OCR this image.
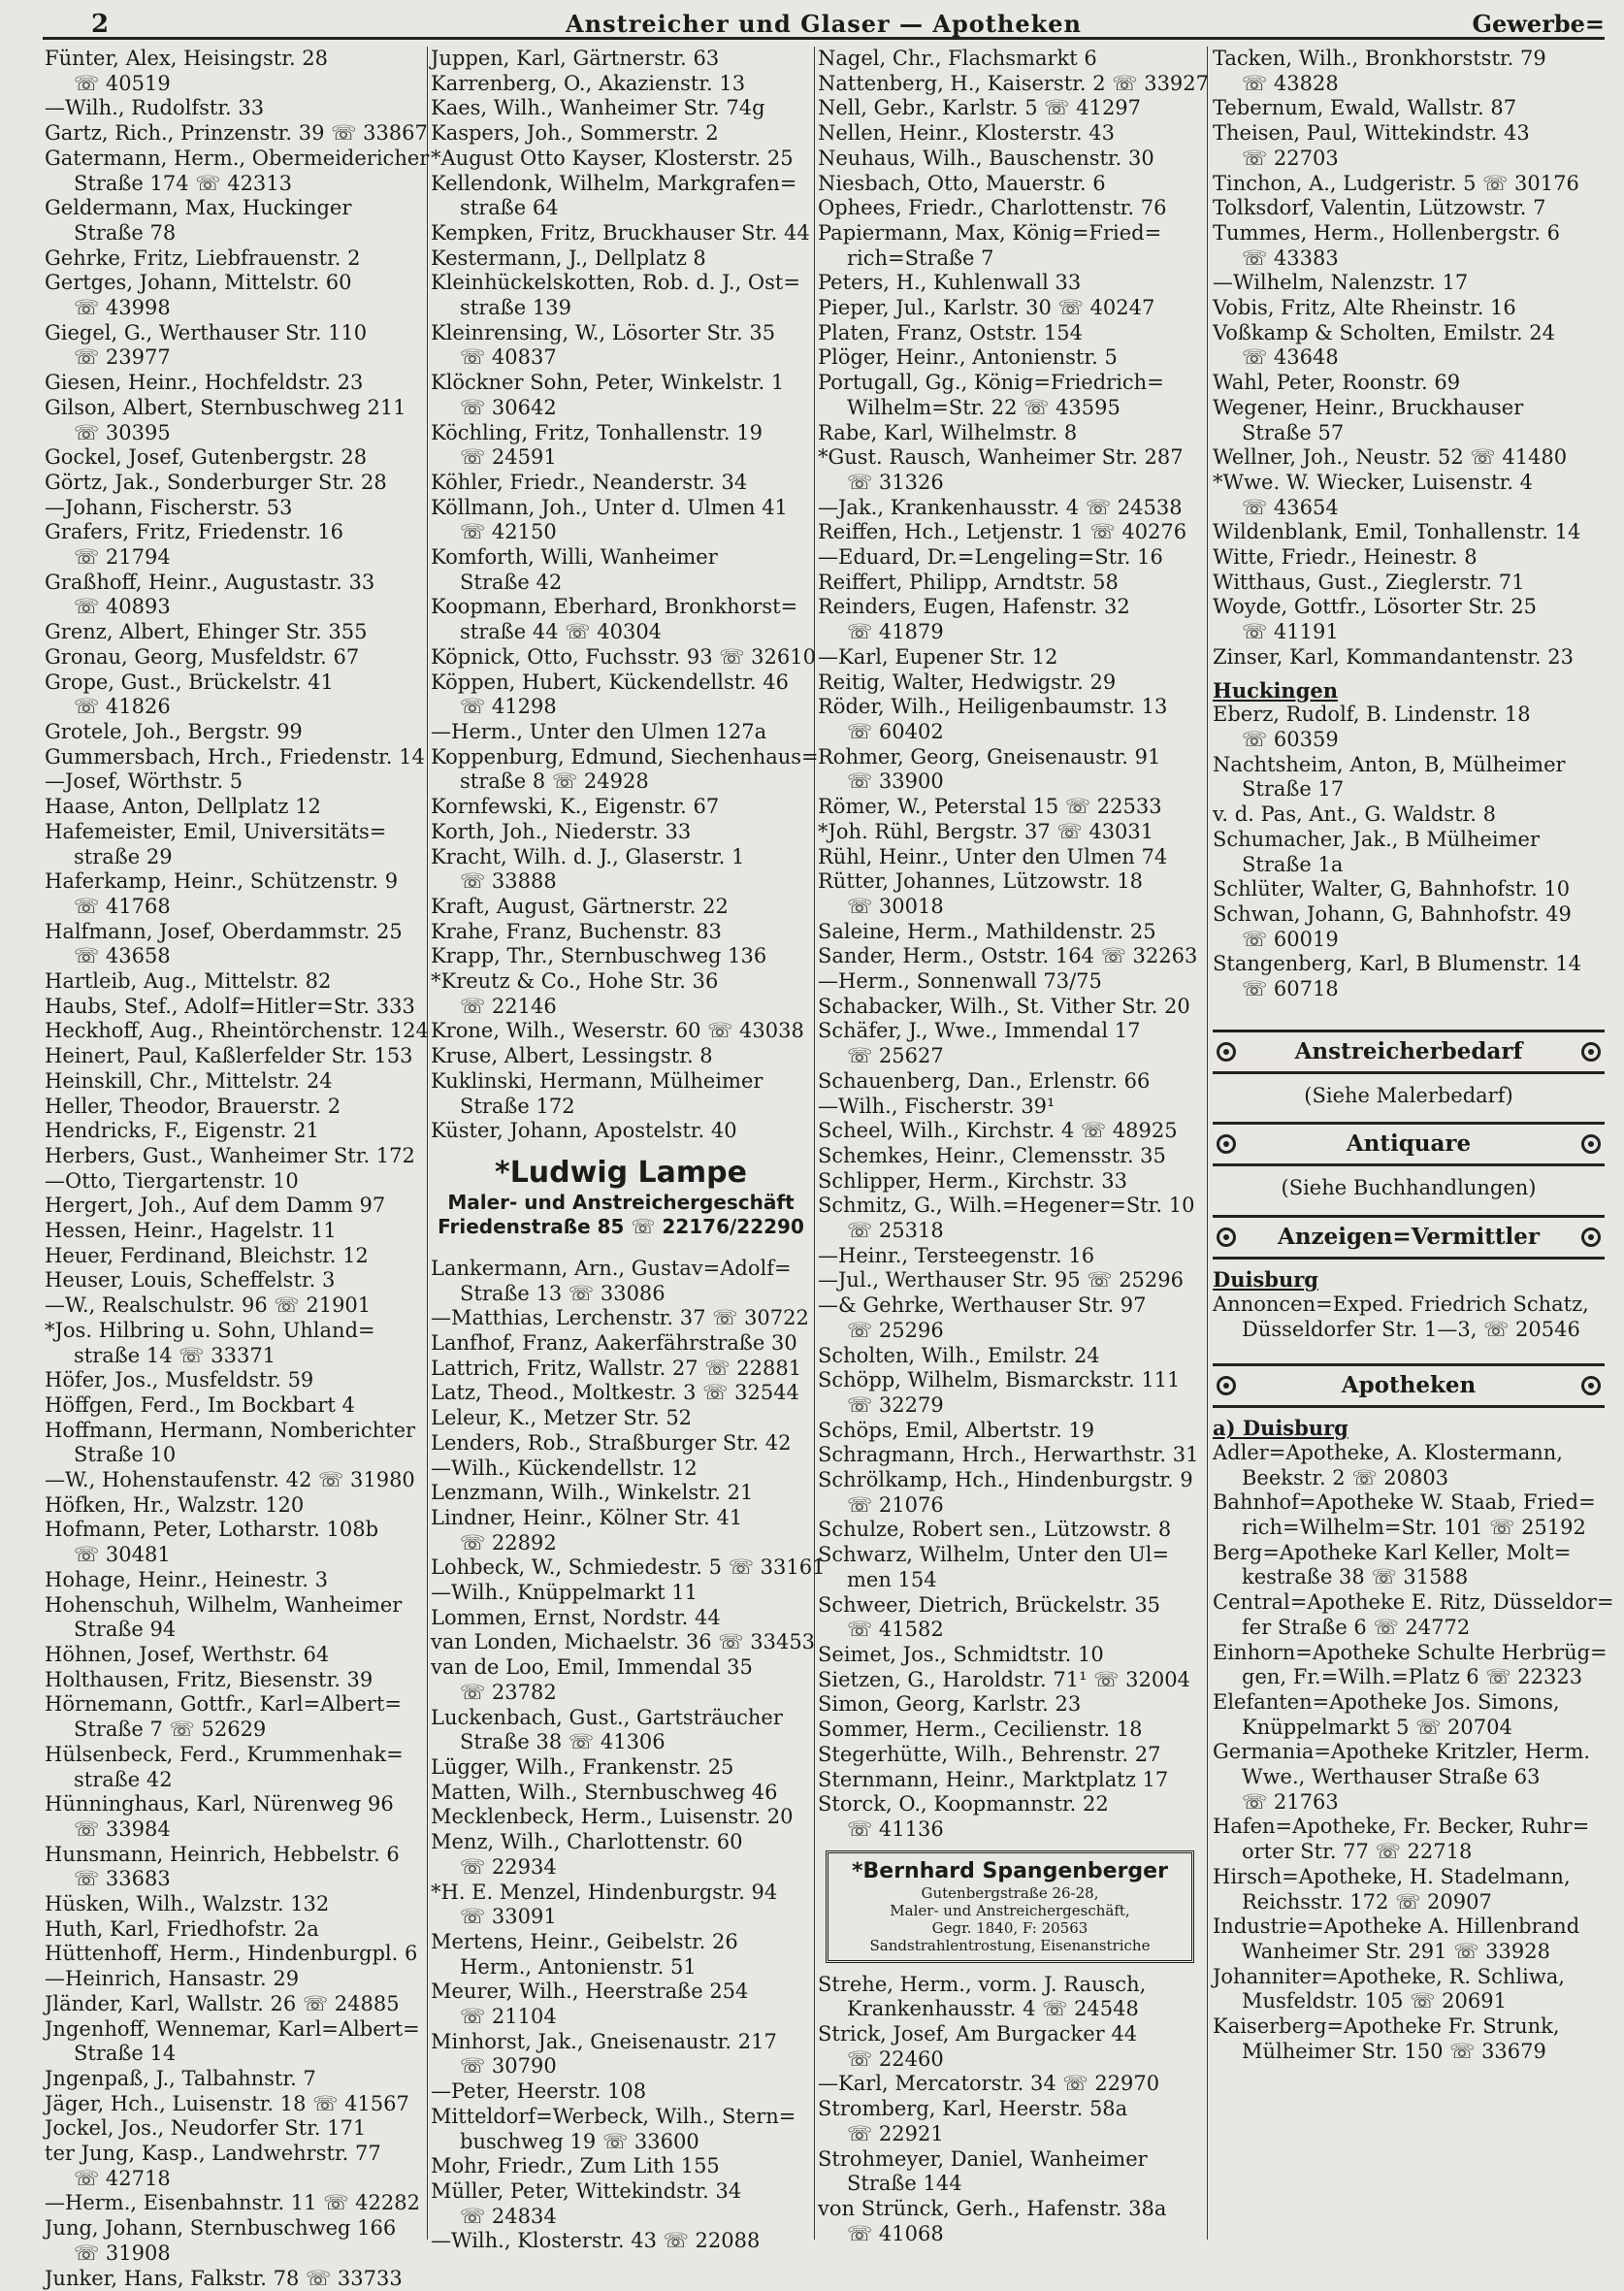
2	Anstreicher und Glaser — Apotheken	Gewerbe=
Fünter, Alex, Heisingstr. 28
☏ 40519
—Wilh., Rudolfstr. 33
Gartz, Rich., Prinzenstr. 39 ☏ 33867
Gatermann, Herm., Obermeidericher
Straße 174 ☏ 42313
Geldermann, Max, Huckinger
Straße 78
Gehrke, Fritz, Liebfrauenstr. 2
Gertges, Johann, Mittelstr. 60
☏ 43998
Giegel, G., Werthauser Str. 110
☏ 23977
Giesen, Heinr., Hochfeldstr. 23
Gilson, Albert, Sternbuschweg 211
☏ 30395
Gockel, Josef, Gutenbergstr. 28
Görtz, Jak., Sonderburger Str. 28
—Johann, Fischerstr. 53
Grafers, Fritz, Friedenstr. 16
☏ 21794
Graßhoff, Heinr., Augustastr. 33
☏ 40893
Grenz, Albert, Ehinger Str. 355
Gronau, Georg, Musfeldstr. 67
Grope, Gust., Brückelstr. 41
☏ 41826
Grotele, Joh., Bergstr. 99
Gummersbach, Hrch., Friedenstr. 14
—Josef, Wörthstr. 5
Haase, Anton, Dellplatz 12
Hafemeister, Emil, Universitäts=
straße 29
Haferkamp, Heinr., Schützenstr. 9
☏ 41768
Halfmann, Josef, Oberdammstr. 25
☏ 43658
Hartleib, Aug., Mittelstr. 82
Haubs, Stef., Adolf=Hitler=Str. 333
Heckhoff, Aug., Rheintörchenstr. 124
Heinert, Paul, Kaßlerfelder Str. 153
Heinskill, Chr., Mittelstr. 24
Heller, Theodor, Brauerstr. 2
Hendricks, F., Eigenstr. 21
Herbers, Gust., Wanheimer Str. 172
—Otto, Tiergartenstr. 10
Hergert, Joh., Auf dem Damm 97
Hessen, Heinr., Hagelstr. 11
Heuer, Ferdinand, Bleichstr. 12
Heuser, Louis, Scheffelstr. 3
—W., Realschulstr. 96 ☏ 21901
*Jos. Hilbring u. Sohn, Uhland=
straße 14 ☏ 33371
Höfer, Jos., Musfeldstr. 59
Höffgen, Ferd., Im Bockbart 4
Hoffmann, Hermann, Nomberichter
Straße 10
—W., Hohenstaufenstr. 42 ☏ 31980
Höfken, Hr., Walzstr. 120
Hofmann, Peter, Lotharstr. 108b
☏ 30481
Hohage, Heinr., Heinestr. 3
Hohenschuh, Wilhelm, Wanheimer
Straße 94
Höhnen, Josef, Werthstr. 64
Holthausen, Fritz, Biesenstr. 39
Hörnemann, Gottfr., Karl=Albert=
Straße 7 ☏ 52629
Hülsenbeck, Ferd., Krummenhak=
straße 42
Hünninghaus, Karl, Nürenweg 96
☏ 33984
Hunsmann, Heinrich, Hebbelstr. 6
☏ 33683
Hüsken, Wilh., Walzstr. 132
Huth, Karl, Friedhofstr. 2a
Hüttenhoff, Herm., Hindenburgpl. 6
—Heinrich, Hansastr. 29
Jländer, Karl, Wallstr. 26 ☏ 24885
Jngenhoff, Wennemar, Karl=Albert=
Straße 14
Jngenpaß, J., Talbahnstr. 7
Jäger, Hch., Luisenstr. 18 ☏ 41567
Jockel, Jos., Neudorfer Str. 171
ter Jung, Kasp., Landwehrstr. 77
☏ 42718
—Herm., Eisenbahnstr. 11 ☏ 42282
Jung, Johann, Sternbuschweg 166
☏ 31908
Junker, Hans, Falkstr. 78 ☏ 33733
Juppen, Karl, Gärtnerstr. 63
Karrenberg, O., Akazienstr. 13
Kaes, Wilh., Wanheimer Str. 74g
Kaspers, Joh., Sommerstr. 2
*August Otto Kayser, Klosterstr. 25
Kellendonk, Wilhelm, Markgrafen=
straße 64
Kempken, Fritz, Bruckhauser Str. 44
Kestermann, J., Dellplatz 8
Kleinhückelskotten, Rob. d. J., Ost=
straße 139
Kleinrensing, W., Lösorter Str. 35
☏ 40837
Klöckner Sohn, Peter, Winkelstr. 1
☏ 30642
Köchling, Fritz, Tonhallenstr. 19
☏ 24591
Köhler, Friedr., Neanderstr. 34
Köllmann, Joh., Unter d. Ulmen 41
☏ 42150
Komforth, Willi, Wanheimer
Straße 42
Koopmann, Eberhard, Bronkhorst=
straße 44 ☏ 40304
Köpnick, Otto, Fuchsstr. 93 ☏ 32610
Köppen, Hubert, Kückendellstr. 46
☏ 41298
—Herm., Unter den Ulmen 127a
Koppenburg, Edmund, Siechenhaus=
straße 8 ☏ 24928
Kornfewski, K., Eigenstr. 67
Korth, Joh., Niederstr. 33
Kracht, Wilh. d. J., Glaserstr. 1
☏ 33888
Kraft, August, Gärtnerstr. 22
Krahe, Franz, Buchenstr. 83
Krapp, Thr., Sternbuschweg 136
*Kreutz & Co., Hohe Str. 36
☏ 22146
Krone, Wilh., Weserstr. 60 ☏ 43038
Kruse, Albert, Lessingstr. 8
Kuklinski, Hermann, Mülheimer
Straße 172
Küster, Johann, Apostelstr. 40
*Ludwig Lampe
Maler- und Anstreichergeschäft
Friedenstraße 85 ☏ 22176/22290
Lankermann, Arn., Gustav=Adolf=
Straße 13 ☏ 33086
—Matthias, Lerchenstr. 37 ☏ 30722
Lanfhof, Franz, Aakerfährstraße 30
Lattrich, Fritz, Wallstr. 27 ☏ 22881
Latz, Theod., Moltkestr. 3 ☏ 32544
Leleur, K., Metzer Str. 52
Lenders, Rob., Straßburger Str. 42
—Wilh., Kückendellstr. 12
Lenzmann, Wilh., Winkelstr. 21
Lindner, Heinr., Kölner Str. 41
☏ 22892
Lohbeck, W., Schmiedestr. 5 ☏ 33161
—Wilh., Knüppelmarkt 11
Lommen, Ernst, Nordstr. 44
van Londen, Michaelstr. 36 ☏ 33453
van de Loo, Emil, Immendal 35
☏ 23782
Luckenbach, Gust., Gartsträucher
Straße 38 ☏ 41306
Lügger, Wilh., Frankenstr. 25
Matten, Wilh., Sternbuschweg 46
Mecklenbeck, Herm., Luisenstr. 20
Menz, Wilh., Charlottenstr. 60
☏ 22934
*H. E. Menzel, Hindenburgstr. 94
☏ 33091
Mertens, Heinr., Geibelstr. 26
Herm., Antonienstr. 51
Meurer, Wilh., Heerstraße 254
☏ 21104
Minhorst, Jak., Gneisenaustr. 217
☏ 30790
—Peter, Heerstr. 108
Mitteldorf=Werbeck, Wilh., Stern=
buschweg 19 ☏ 33600
Mohr, Friedr., Zum Lith 155
Müller, Peter, Wittekindstr. 34
☏ 24834
—Wilh., Klosterstr. 43 ☏ 22088
Nagel, Chr., Flachsmarkt 6
Nattenberg, H., Kaiserstr. 2 ☏ 33927
Nell, Gebr., Karlstr. 5 ☏ 41297
Nellen, Heinr., Klosterstr. 43
Neuhaus, Wilh., Bauschenstr. 30
Niesbach, Otto, Mauerstr. 6
Ophees, Friedr., Charlottenstr. 76
Papiermann, Max, König=Fried=
rich=Straße 7
Peters, H., Kuhlenwall 33
Pieper, Jul., Karlstr. 30 ☏ 40247
Platen, Franz, Oststr. 154
Plöger, Heinr., Antonienstr. 5
Portugall, Gg., König=Friedrich=
Wilhelm=Str. 22 ☏ 43595
Rabe, Karl, Wilhelmstr. 8
*Gust. Rausch, Wanheimer Str. 287
☏ 31326
—Jak., Krankenhausstr. 4 ☏ 24538
Reiffen, Hch., Letjenstr. 1 ☏ 40276
—Eduard, Dr.=Lengeling=Str. 16
Reiffert, Philipp, Arndtstr. 58
Reinders, Eugen, Hafenstr. 32
☏ 41879
—Karl, Eupener Str. 12
Reitig, Walter, Hedwigstr. 29
Röder, Wilh., Heiligenbaumstr. 13
☏ 60402
Rohmer, Georg, Gneisenaustr. 91
☏ 33900
Römer, W., Peterstal 15 ☏ 22533
*Joh. Rühl, Bergstr. 37 ☏ 43031
Rühl, Heinr., Unter den Ulmen 74
Rütter, Johannes, Lützowstr. 18
☏ 30018
Saleine, Herm., Mathildenstr. 25
Sander, Herm., Oststr. 164 ☏ 32263
—Herm., Sonnenwall 73/75
Schabacker, Wilh., St. Vither Str. 20
Schäfer, J., Wwe., Immendal 17
☏ 25627
Schauenberg, Dan., Erlenstr. 66
—Wilh., Fischerstr. 39¹
Scheel, Wilh., Kirchstr. 4 ☏ 48925
Schemkes, Heinr., Clemensstr. 35
Schlipper, Herm., Kirchstr. 33
Schmitz, G., Wilh.=Hegener=Str. 10
☏ 25318
—Heinr., Tersteegenstr. 16
—Jul., Werthauser Str. 95 ☏ 25296
—& Gehrke, Werthauser Str. 97
☏ 25296
Scholten, Wilh., Emilstr. 24
Schöpp, Wilhelm, Bismarckstr. 111
☏ 32279
Schöps, Emil, Albertstr. 19
Schragmann, Hrch., Herwarthstr. 31
Schrölkamp, Hch., Hindenburgstr. 9
☏ 21076
Schulze, Robert sen., Lützowstr. 8
Schwarz, Wilhelm, Unter den Ul=
men 154
Schweer, Dietrich, Brückelstr. 35
☏ 41582
Seimet, Jos., Schmidtstr. 10
Sietzen, G., Haroldstr. 71¹ ☏ 32004
Simon, Georg, Karlstr. 23
Sommer, Herm., Cecilienstr. 18
Stegerhütte, Wilh., Behrenstr. 27
Sternmann, Heinr., Marktplatz 17
Storck, O., Koopmannstr. 22
☏ 41136
*Bernhard Spangenberger
Gutenbergstraße 26-28,
Maler- und Anstreichergeschäft,
Gegr. 1840, F: 20563
Sandstrahlentrostung, Eisenanstriche
Strehe, Herm., vorm. J. Rausch,
Krankenhausstr. 4 ☏ 24548
Strick, Josef, Am Burgacker 44
☏ 22460
—Karl, Mercatorstr. 34 ☏ 22970
Stromberg, Karl, Heerstr. 58a
☏ 22921
Strohmeyer, Daniel, Wanheimer
Straße 144
von Strünck, Gerh., Hafenstr. 38a
☏ 41068
Tacken, Wilh., Bronkhorststr. 79
☏ 43828
Tebernum, Ewald, Wallstr. 87
Theisen, Paul, Wittekindstr. 43
☏ 22703
Tinchon, A., Ludgeristr. 5 ☏ 30176
Tolksdorf, Valentin, Lützowstr. 7
Tummes, Herm., Hollenbergstr. 6
☏ 43383
—Wilhelm, Nalenzstr. 17
Vobis, Fritz, Alte Rheinstr. 16
Voßkamp & Scholten, Emilstr. 24
☏ 43648
Wahl, Peter, Roonstr. 69
Wegener, Heinr., Bruckhauser
Straße 57
Wellner, Joh., Neustr. 52 ☏ 41480
*Wwe. W. Wiecker, Luisenstr. 4
☏ 43654
Wildenblank, Emil, Tonhallenstr. 14
Witte, Friedr., Heinestr. 8
Witthaus, Gust., Zieglerstr. 71
Woyde, Gottfr., Lösorter Str. 25
☏ 41191
Zinser, Karl, Kommandantenstr. 23
Huckingen
Eberz, Rudolf, B. Lindenstr. 18
☏ 60359
Nachtsheim, Anton, B, Mülheimer
Straße 17
v. d. Pas, Ant., G. Waldstr. 8
Schumacher, Jak., B Mülheimer
Straße 1a
Schlüter, Walter, G, Bahnhofstr. 10
Schwan, Johann, G, Bahnhofstr. 49
☏ 60019
Stangenberg, Karl, B Blumenstr. 14
☏ 60718
Anstreicherbedarf
(Siehe Malerbedarf)
Antiquare
(Siehe Buchhandlungen)
Anzeigen=Vermittler
Duisburg
Annoncen=Exped. Friedrich Schatz,
Düsseldorfer Str. 1—3, ☏ 20546
Apotheken
a) Duisburg
Adler=Apotheke, A. Klostermann,
Beekstr. 2 ☏ 20803
Bahnhof=Apotheke W. Staab, Fried=
rich=Wilhelm=Str. 101 ☏ 25192
Berg=Apotheke Karl Keller, Molt=
kestraße 38 ☏ 31588
Central=Apotheke E. Ritz, Düsseldor=
fer Straße 6 ☏ 24772
Einhorn=Apotheke Schulte Herbrüg=
gen, Fr.=Wilh.=Platz 6 ☏ 22323
Elefanten=Apotheke Jos. Simons,
Knüppelmarkt 5 ☏ 20704
Germania=Apotheke Kritzler, Herm.
Wwe., Werthauser Straße 63
☏ 21763
Hafen=Apotheke, Fr. Becker, Ruhr=
orter Str. 77 ☏ 22718
Hirsch=Apotheke, H. Stadelmann,
Reichsstr. 172 ☏ 20907
Industrie=Apotheke A. Hillenbrand
Wanheimer Str. 291 ☏ 33928
Johanniter=Apotheke, R. Schliwa,
Musfeldstr. 105 ☏ 20691
Kaiserberg=Apotheke Fr. Strunk,
Mülheimer Str. 150 ☏ 33679
